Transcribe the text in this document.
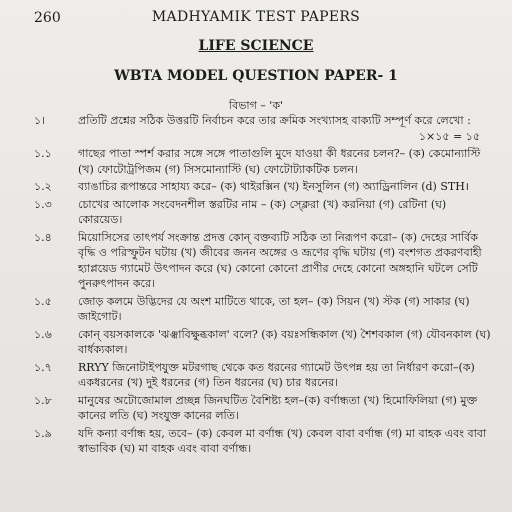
260	MADHYAMIK TEST PAPERS
LIFE SCIENCE
WBTA MODEL QUESTION PAPER- 1
বিভাগ – 'ক'
১।	প্রতিটি প্রশ্নের সঠিক উত্তরটি নির্বাচন করে তার ক্রমিক সংখ্যাসহ বাক্যটি সম্পূর্ণ করে লেখো :
১×১৫ = ১৫
১.১	গাছের পাতা স্পর্শ করার সঙ্গে সঙ্গে পাতাগুলি মুদে যাওয়া কী ধরনের চলন?– (ক) কেমোন্যাস্টি (খ) ফোটোট্রপিজম (গ) সিসমোন্যাস্টি (ঘ) ফোটোট্যাকটিক চলন।
১.২	ব্যাঙাচির রূপান্তরে সাহায্য করে– (ক) থাইরক্সিন (খ) ইনসুলিন (গ) অ্যাড্রিনালিন (d) STH।
১.৩	চোখের আলোক সংবেদনশীল স্তরটির নাম – (ক) স্ক্লেরা (খ) করনিয়া (গ) রেটিনা (ঘ) কোরয়েড।
১.৪	মিয়োসিসের তাৎপর্য সংক্রান্ত প্রদত্ত কোন্ বক্তব্যটি সঠিক তা নিরূপণ করো– (ক) দেহের সার্বিক বৃদ্ধি ও পরিস্ফুটন ঘটায় (খ) জীবের জনন অঙ্গের ও ভ্রূণের বৃদ্ধি ঘটায় (গ) বংশগত প্রকরণবাহী হ্যাপ্লয়েড গ্যামেট উৎপাদন করে (ঘ) কোনো কোনো প্রাণীর দেহে কোনো অঙ্গহানি ঘটলে সেটি পুনরুৎপাদন করে।
১.৫	জোড় কলমে উদ্ভিদের যে অংশ মাটিতে থাকে, তা হল– (ক) সিয়ন (খ) স্টক (গ) সাকার (ঘ) জাইগোট।
১.৬	কোন্ বয়সকালকে 'ঝঞ্ঝাবিক্ষুব্ধকাল' বলে? (ক) বয়ঃসন্ধিকাল (খ) শৈশবকাল (গ) যৌবনকাল (ঘ) বার্ধক্যকাল।
১.৭	RRYY জিনোটাইপযুক্ত মটরগাছ থেকে কত ধরনের গ্যামেট উৎপন্ন হয় তা নির্ধারণ করো–(ক) একধরনের (খ) দুই ধরনের (গ) তিন ধরনের (ঘ) চার ধরনের।
১.৮	মানুষের অটোজোমাল প্রচ্ছন্ন জিনঘটিত বৈশিষ্ট্য হল–(ক) বর্ণান্ধতা (খ) হিমোফিলিয়া (গ) মুক্ত কানের লতি (ঘ) সংযুক্ত কানের লতি।
১.৯	যদি কন্যা বর্ণান্ধ হয়, তবে– (ক) কেবল মা বর্ণান্ধ (খ) কেবল বাবা বর্ণান্ধ (গ) মা বাহক এবং বাবা স্বাভাবিক (ঘ) মা বাহক এবং বাবা বর্ণান্ধ।
